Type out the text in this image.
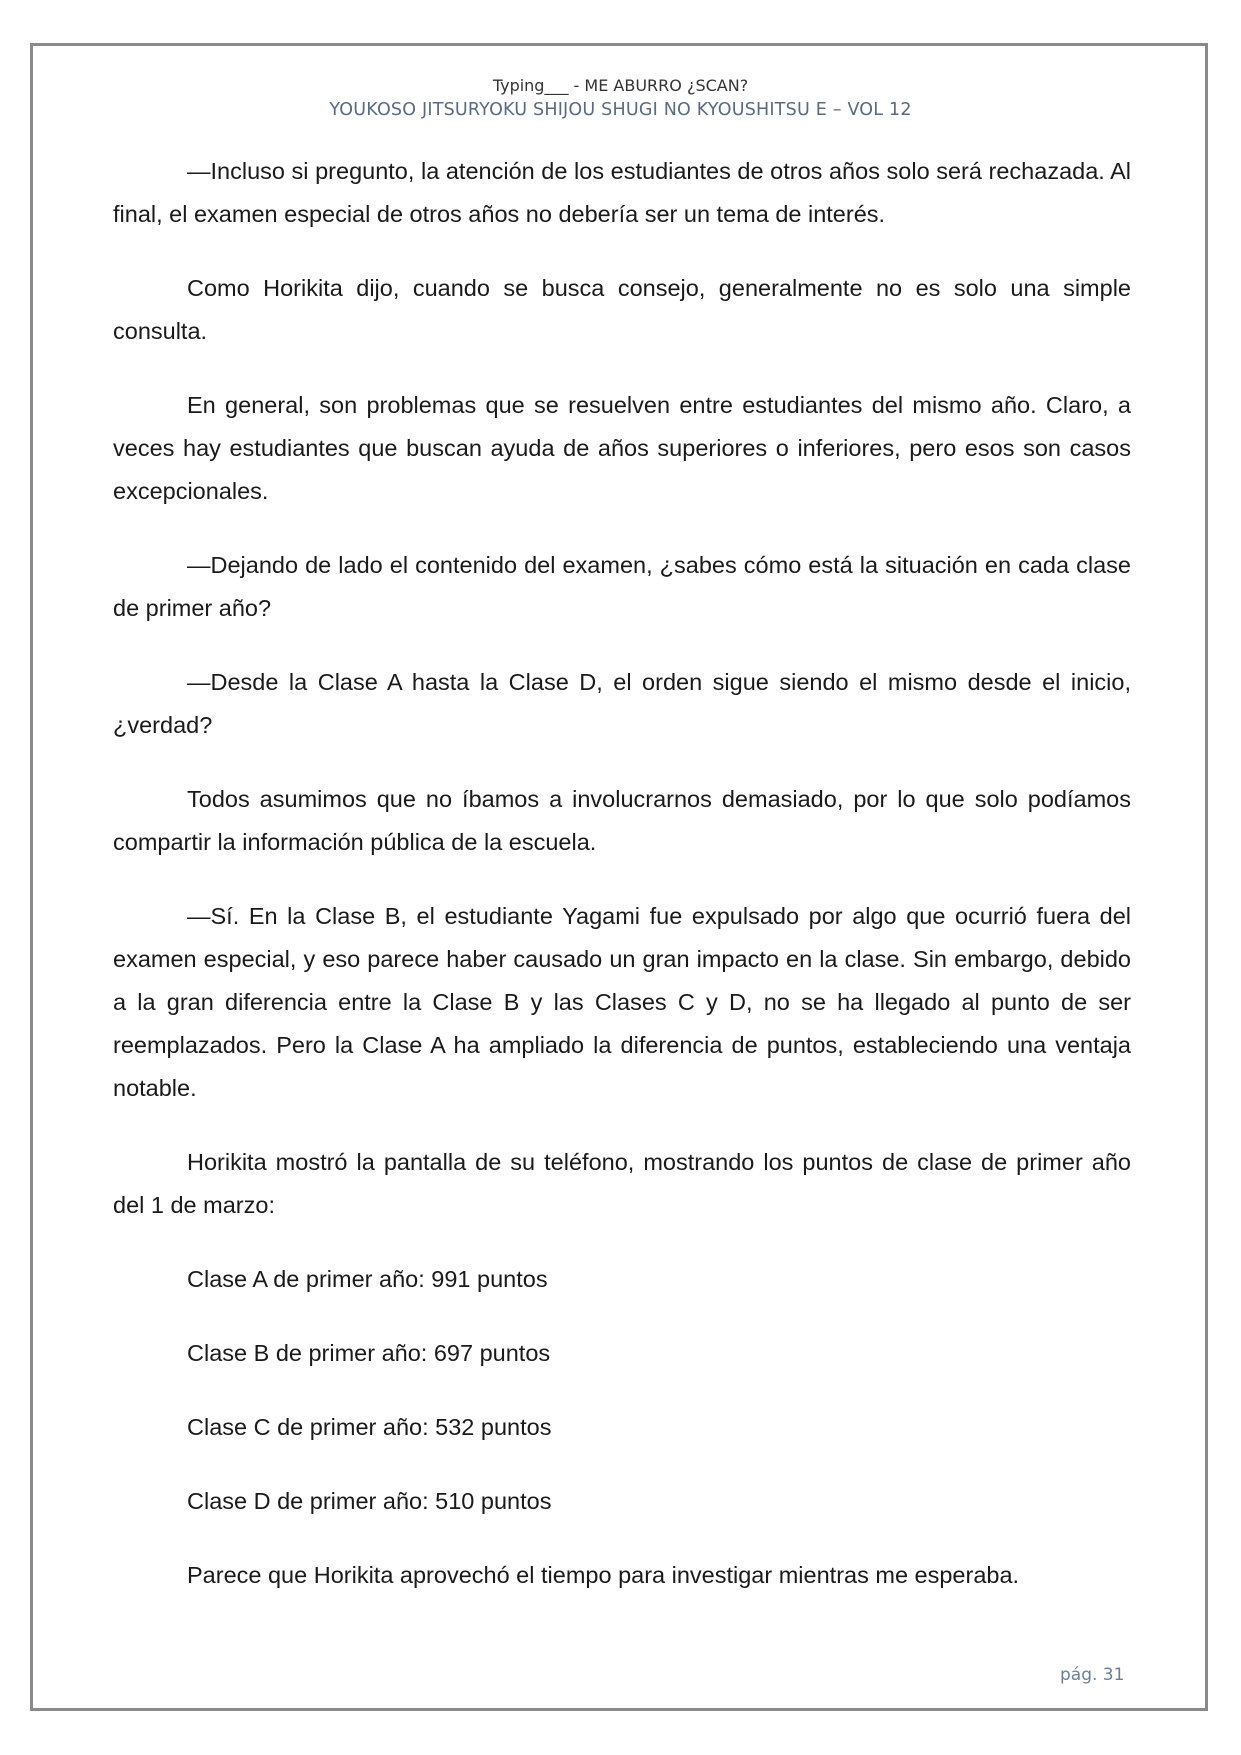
Typing___ - ME ABURRO ¿SCAN?
YOUKOSO JITSURYOKU SHIJOU SHUGI NO KYOUSHITSU E – VOL 12

—Incluso si pregunto, la atención de los estudiantes de otros años solo será rechazada. Al final, el examen especial de otros años no debería ser un tema de interés.

Como Horikita dijo, cuando se busca consejo, generalmente no es solo una simple consulta.

En general, son problemas que se resuelven entre estudiantes del mismo año. Claro, a veces hay estudiantes que buscan ayuda de años superiores o inferiores, pero esos son casos excepcionales.

—Dejando de lado el contenido del examen, ¿sabes cómo está la situación en cada clase de primer año?

—Desde la Clase A hasta la Clase D, el orden sigue siendo el mismo desde el inicio, ¿verdad?

Todos asumimos que no íbamos a involucrarnos demasiado, por lo que solo podíamos compartir la información pública de la escuela.

—Sí. En la Clase B, el estudiante Yagami fue expulsado por algo que ocurrió fuera del examen especial, y eso parece haber causado un gran impacto en la clase. Sin embargo, debido a la gran diferencia entre la Clase B y las Clases C y D, no se ha llegado al punto de ser reemplazados. Pero la Clase A ha ampliado la diferencia de puntos, estableciendo una ventaja notable.

Horikita mostró la pantalla de su teléfono, mostrando los puntos de clase de primer año del 1 de marzo:

Clase A de primer año: 991 puntos

Clase B de primer año: 697 puntos

Clase C de primer año: 532 puntos

Clase D de primer año: 510 puntos

Parece que Horikita aprovechó el tiempo para investigar mientras me esperaba.

pág. 31
